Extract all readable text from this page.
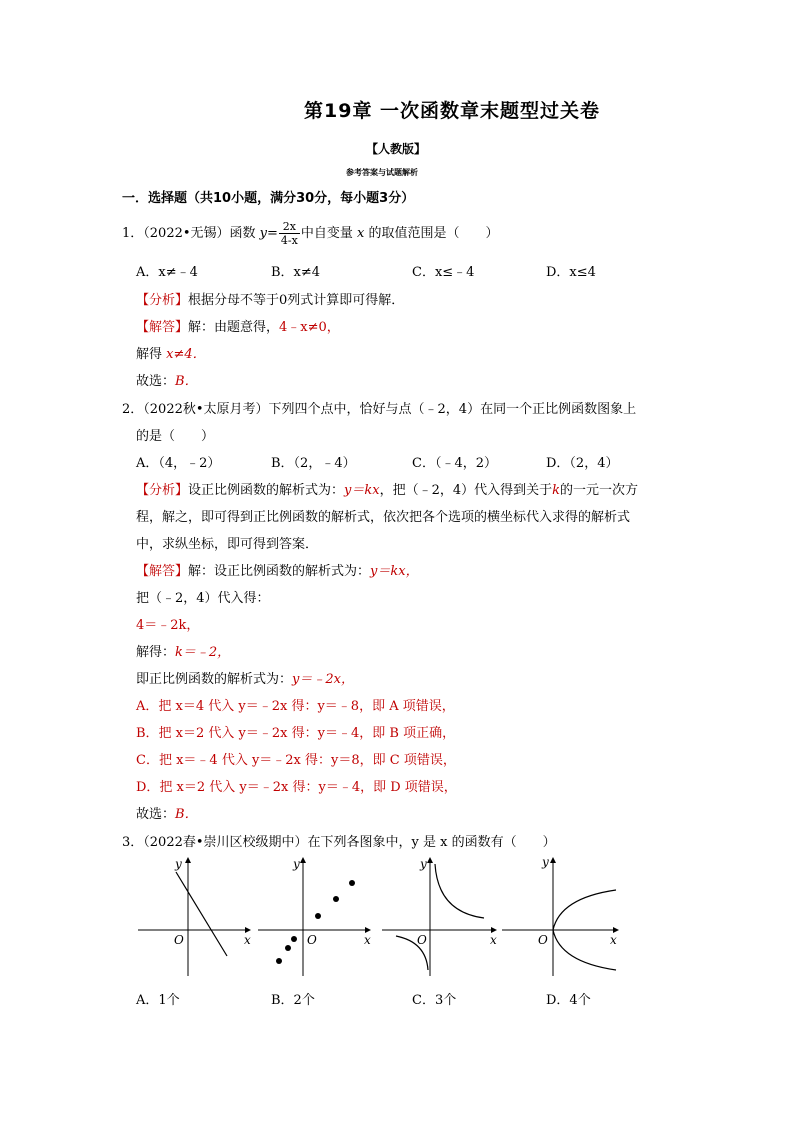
第19章 一次函数章末题型过关卷
【人教版】
参考答案与试题解析
一．选择题（共10小题，满分30分，每小题3分）
1．（2022•无锡）函数 $y= \frac{2x}{4-x}$ 中自变量 x 的取值范围是（　　）
A．x≠﹣4	B．x≠4	C．x≤﹣4	D．x≤4
【分析】根据分母不等于0列式计算即可得解．
【解答】解：由题意得，4﹣x≠0，
解得 x≠4．
故选：B．
2．（2022秋•太原月考）下列四个点中，恰好与点（﹣2，4）在同一个正比例函数图象上
的是（　　）
A．（4，﹣2）	B．（2，﹣4）	C．（﹣4，2）	D．（2，4）
【分析】设正比例函数的解析式为：y＝kx，把（﹣2，4）代入得到关于k的一元一次方
程，解之，即可得到正比例函数的解析式，依次把各个选项的横坐标代入求得的解析式
中，求纵坐标，即可得到答案．
【解答】解：设正比例函数的解析式为：y＝kx，
把（﹣2，4）代入得：
4＝﹣2k，
解得：k＝﹣2，
即正比例函数的解析式为：y＝﹣2x，
A．把 x＝4 代入 y＝﹣2x 得：y＝﹣8，即 A 项错误，
B．把 x＝2 代入 y＝﹣2x 得：y＝﹣4，即 B 项正确，
C．把 x＝﹣4 代入 y＝﹣2x 得：y＝8，即 C 项错误，
D．把 x＝2 代入 y＝﹣2x 得：y＝﹣4，即 D 项错误，
故选：B．
3．（2022春•崇川区校级期中）在下列各图象中，y 是 x 的函数有（　　）
x
y
O	x
y
O	x
y
O	x
y
O
A．1个	B．2个	C．3个	D．4个
